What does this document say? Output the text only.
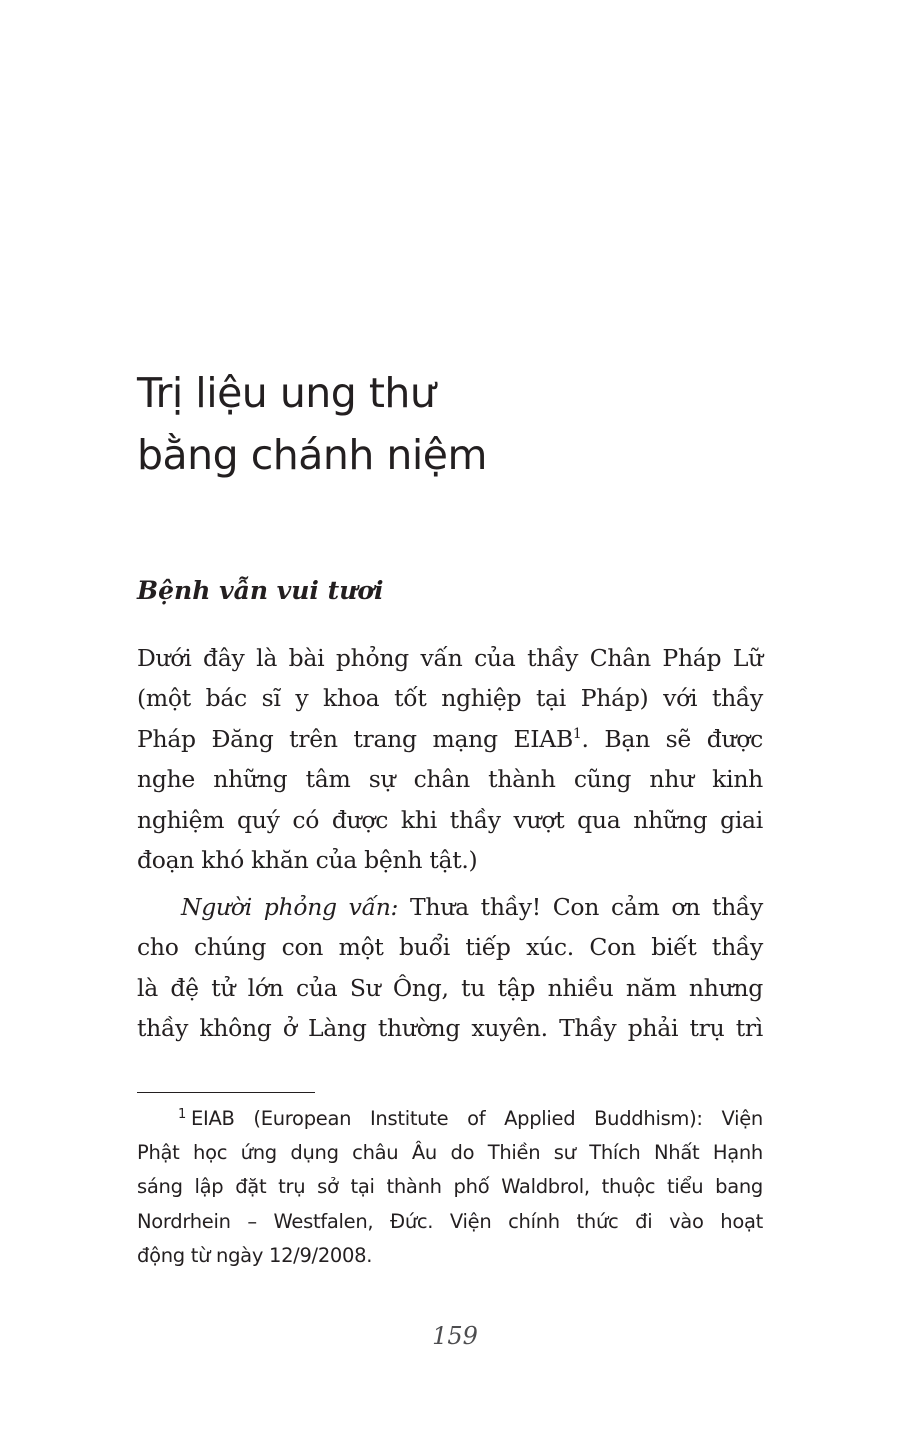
Trị liệu ung thư
bằng chánh niệm
Bệnh vẫn vui tươi

Dưới đây là bài phỏng vấn của thầy Chân Pháp Lữ
(một bác sĩ y khoa tốt nghiệp tại Pháp) với thầy
Pháp Đăng trên trang mạng EIAB$^1$. Bạn sẽ được
nghe những tâm sự chân thành cũng như kinh
nghiệm quý có được khi thầy vượt qua những giai
đoạn khó khăn của bệnh tật.)

Người phỏng vấn: Thưa thầy! Con cảm ơn thầy
cho chúng con một buổi tiếp xúc. Con biết thầy
là đệ tử lớn của Sư Ông, tu tập nhiều năm nhưng
thầy không ở Làng thường xuyên. Thầy phải trụ trì

$^1$ EIAB (European Institute of Applied Buddhism): Viện
Phật học ứng dụng châu Âu do Thiền sư Thích Nhất Hạnh
sáng lập đặt trụ sở tại thành phố Waldbrol, thuộc tiểu bang
Nordrhein – Westfalen, Đức. Viện chính thức đi vào hoạt
động từ ngày 12/9/2008.
159
